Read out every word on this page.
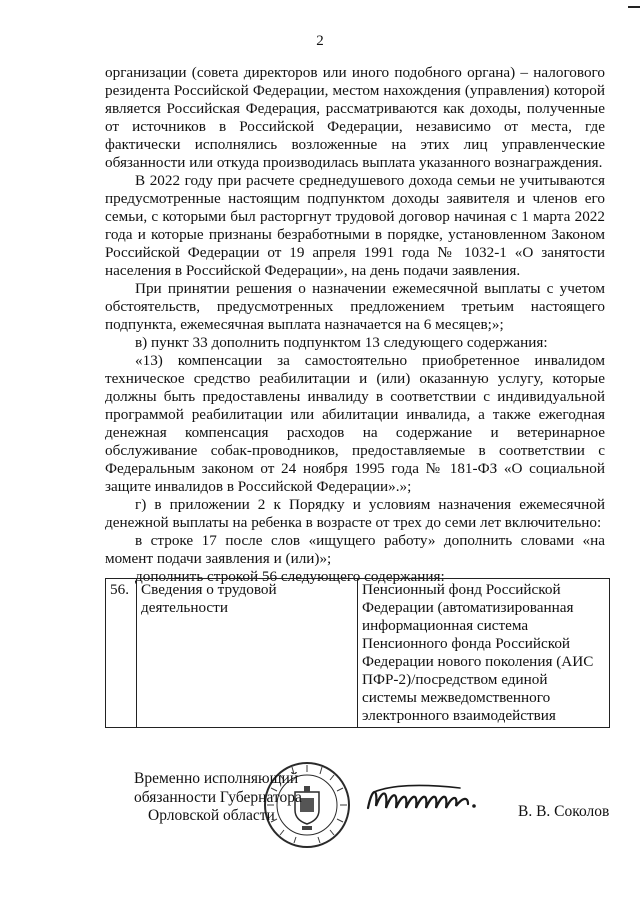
2

организации (совета директоров или иного подобного органа) – налогового резидента Российской Федерации, местом нахождения (управления) которой является Российская Федерация, рассматриваются как доходы, полученные от источников в Российской Федерации, независимо от места, где фактически исполнялись возложенные на этих лиц управленческие обязанности или откуда производилась выплата указанного вознаграждения.

В 2022 году при расчете среднедушевого дохода семьи не учитываются предусмотренные настоящим подпунктом доходы заявителя и членов его семьи, с которыми был расторгнут трудовой договор начиная с 1 марта 2022 года и которые признаны безработными в порядке, установленном Законом Российской Федерации от 19 апреля 1991 года № 1032-1 «О занятости населения в Российской Федерации», на день подачи заявления.

При принятии решения о назначении ежемесячной выплаты с учетом обстоятельств, предусмотренных предложением третьим настоящего подпункта, ежемесячная выплата назначается на 6 месяцев;»;

в) пункт 33 дополнить подпунктом 13 следующего содержания:

«13) компенсации за самостоятельно приобретенное инвалидом техническое средство реабилитации и (или) оказанную услугу, которые должны быть предоставлены инвалиду в соответствии с индивидуальной программой реабилитации или абилитации инвалида, а также ежегодная денежная компенсация расходов на содержание и ветеринарное обслуживание собак-проводников, предоставляемые в соответствии с Федеральным законом от 24 ноября 1995 года № 181-ФЗ «О социальной защите инвалидов в Российской Федерации».»;

г) в приложении 2 к Порядку и условиям назначения ежемесячной денежной выплаты на ребенка в возрасте от трех до семи лет включительно:

в строке 17 после слов «ищущего работу» дополнить словами «на момент подачи заявления и (или)»;

дополнить строкой 56 следующего содержания:

56.	Сведения о трудовой деятельности	Пенсионный фонд Российской Федерации (автоматизированная информационная система Пенсионного фонда Российской Федерации нового поколения (АИС ПФР-2)/посредством единой системы межведомственного электронного взаимодействия
Временно исполняющий
обязанности Губернатора
Орловской области	В. В. Соколов
